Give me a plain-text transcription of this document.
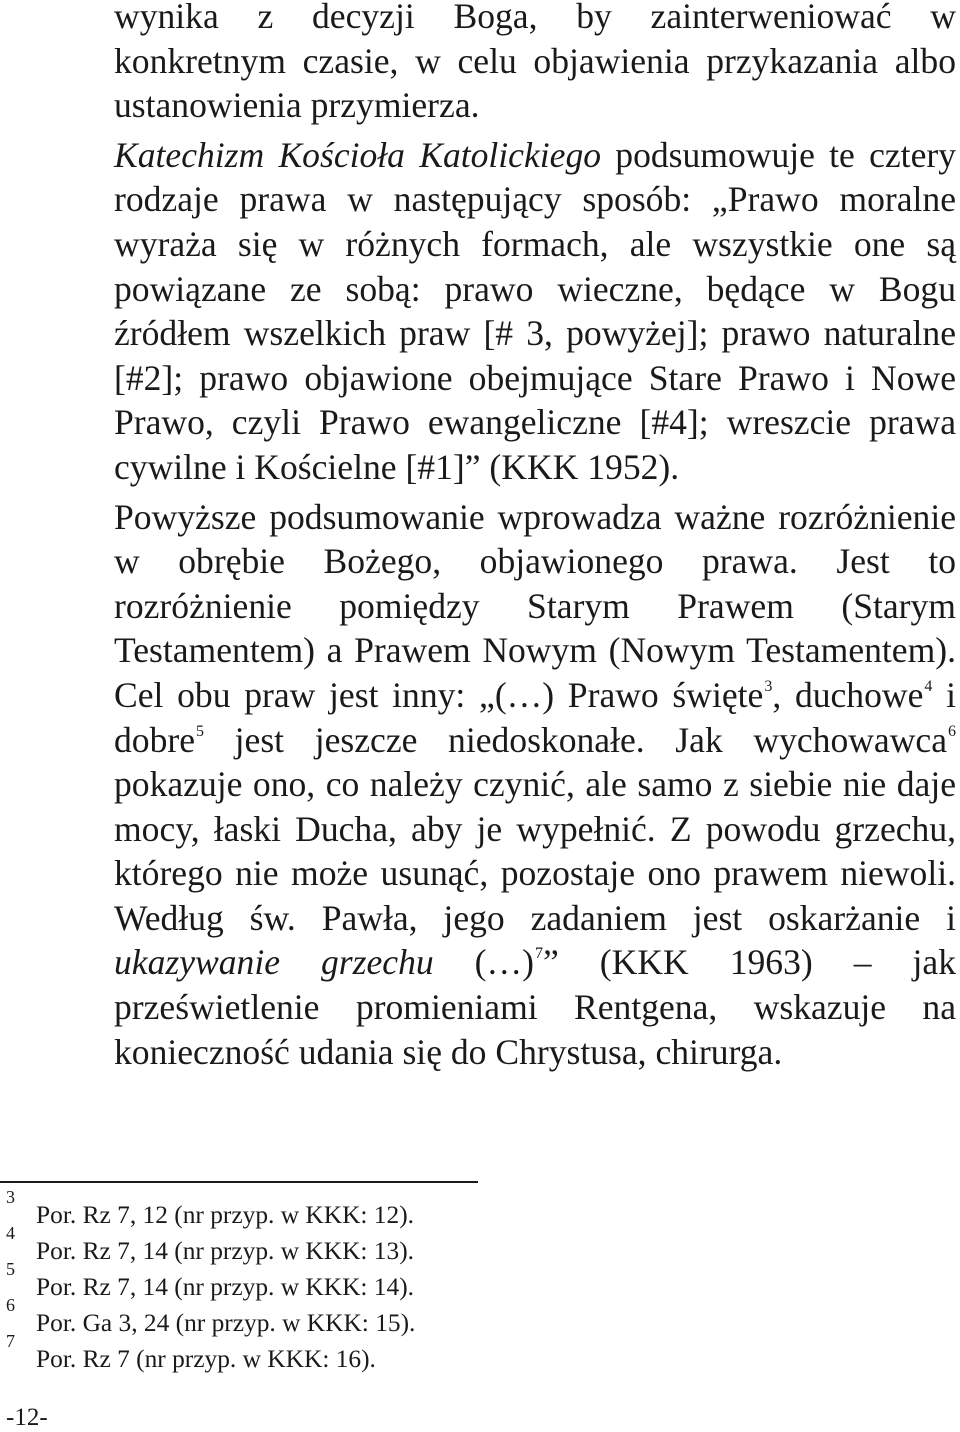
wynika z decyzji Boga, by zainterweniować w konkretnym czasie, w celu objawienia przykazania albo ustanowienia przymierza.

Katechizm Kościoła Katolickiego podsumowuje te cztery rodzaje prawa w następujący sposób: „Prawo moralne wyraża się w różnych formach, ale wszystkie one są powiązane ze sobą: prawo wieczne, będące w Bogu źródłem wszelkich praw [# 3, powyżej]; prawo naturalne [#2]; prawo objawione obejmujące Stare Prawo i Nowe Prawo, czyli Prawo ewangeliczne [#4]; wreszcie prawa cywilne i Kościelne [#1]” (KKK 1952).

Powyższe podsumowanie wprowadza ważne rozróżnienie w obrębie Bożego, objawionego prawa. Jest to rozróżnienie pomiędzy Starym Prawem (Starym Testamentem) a Prawem Nowym (Nowym Testamentem). Cel obu praw jest inny: „(…) Prawo święte$^3$, duchowe$^4$ i dobre$^5$ jest jeszcze niedoskonałe. Jak wychowawca$^6$ pokazuje ono, co należy czynić, ale samo z siebie nie daje mocy, łaski Ducha, aby je wypełnić. Z powodu grzechu, którego nie może usunąć, pozostaje ono prawem niewoli. Według św. Pawła, jego zadaniem jest oskarżanie i ukazywanie grzechu (…)$^7$” (KKK 1963) – jak prześwietlenie promieniami Rentgena, wskazuje na konieczność udania się do Chrystusa, chirurga.

3
Por. Rz 7, 12 (nr przyp. w KKK: 12).
4
Por. Rz 7, 14 (nr przyp. w KKK: 13).
5
Por. Rz 7, 14 (nr przyp. w KKK: 14).
6
Por. Ga 3, 24 (nr przyp. w KKK: 15).
7
Por. Rz 7 (nr przyp. w KKK: 16).
-12-
